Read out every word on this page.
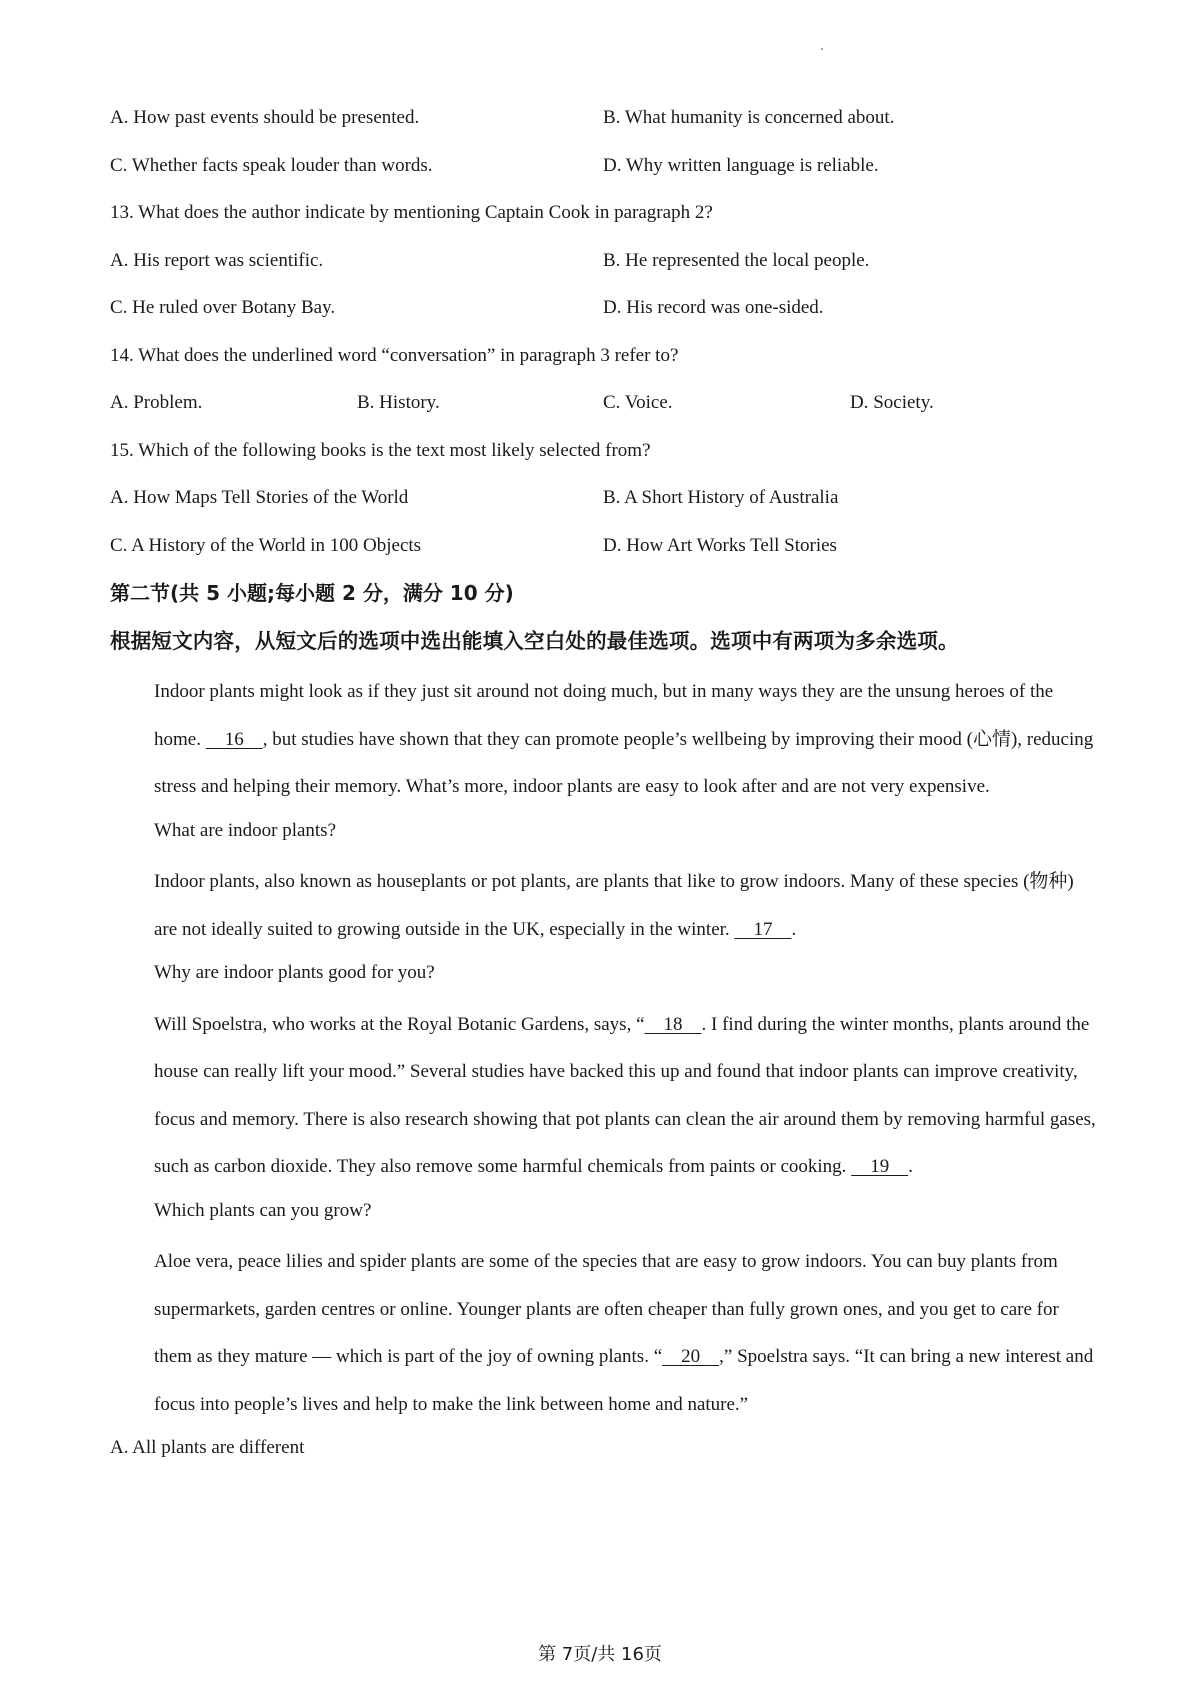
A. How past events should be presented.	B. What humanity is concerned about.
C. Whether facts speak louder than words.	D. Why written language is reliable.
13. What does the author indicate by mentioning Captain Cook in paragraph 2?
A. His report was scientific.	B. He represented the local people.
C. He ruled over Botany Bay.	D. His record was one-sided.
14. What does the underlined word “conversation” in paragraph 3 refer to?
A. Problem.	B. History.	C. Voice.	D. Society.
15. Which of the following books is the text most likely selected from?
A. How Maps Tell Stories of the World	B. A Short History of Australia
C. A History of the World in 100 Objects	D. How Art Works Tell Stories
第二节(共 5 小题;每小题 2 分，满分 10 分)
根据短文内容，从短文后的选项中选出能填入空白处的最佳选项。选项中有两项为多余选项。
Indoor plants might look as if they just sit around not doing much, but in many ways they are the unsung heroes of the home.     16    , but studies have shown that they can promote people’s wellbeing by improving their mood (心情), reducing stress and helping their memory. What’s more, indoor plants are easy to look after and are not very expensive.
What are indoor plants?
Indoor plants, also known as houseplants or pot plants, are plants that like to grow indoors. Many of these species (物种) are not ideally suited to growing outside in the UK, especially in the winter.     17    .
Why are indoor plants good for you?
Will Spoelstra, who works at the Royal Botanic Gardens, says, “    18    . I find during the winter months, plants around the house can really lift your mood.” Several studies have backed this up and found that indoor plants can improve creativity, focus and memory. There is also research showing that pot plants can clean the air around them by removing harmful gases, such as carbon dioxide. They also remove some harmful chemicals from paints or cooking.     19    .
Which plants can you grow?
Aloe vera, peace lilies and spider plants are some of the species that are easy to grow indoors. You can buy plants from supermarkets, garden centres or online. Younger plants are often cheaper than fully grown ones, and you get to care for them as they mature — which is part of the joy of owning plants. “    20    ,” Spoelstra says. “It can bring a new interest and focus into people’s lives and help to make the link between home and nature.”
A. All plants are different
第 7页/共 16页
